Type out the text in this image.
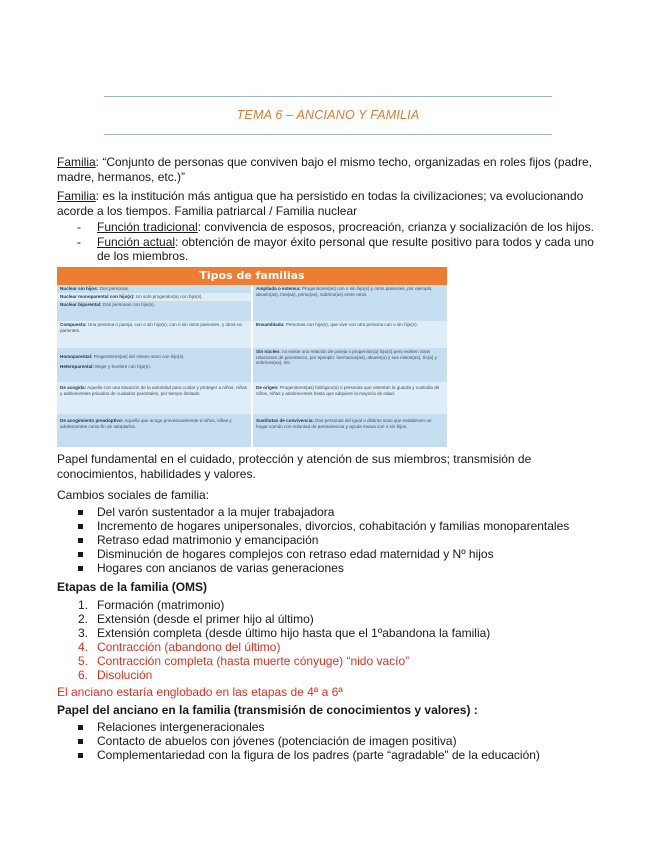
TEMA 6 – ANCIANO Y FAMILIA
Familia: “Conjunto de personas que conviven bajo el mismo techo, organizadas en roles fijos (padre,
madre, hermanos, etc.)”
Familia: es la institución más antigua que ha persistido en todas la civilizaciones; va evolucionando
acorde a los tiempos. Familia patriarcal / Familia nuclear
- Función tradicional: convivencia de esposos, procreación, crianza y socialización de los hijos.
- Función actual: obtención de mayor éxito personal que resulte positivo para todos y cada uno
de los miembros.
Tipos de familias
Nuclear sin hijos: Dos personas.
Nuclear monoparental con hijo(s): Un solo progenitor(a) con hijo(s).
Nuclear biparental: Dos personas con hijo(s).
Compuesta: Una persona o pareja, con o sin hijo(s), con o sin otros parientes, y otros no parientes.
Homoparental: Progenitores(as) del mismo sexo con hijo(s).
Heteroparental: Mujer y hombre con hijo(s).
De acogida: Aquella con una situación de la autoridad para cuidar y proteger a niños, niñas y adolescentes privados de cuidados parentales, por tiempo limitado.
De acogimiento preadoptivo: Aquella que acoge provisionalmente a niños, niñas y adolescentes como fin de adoptarlos.
Ampliada o extensa: Progenitores(as) con o sin hijo(s) y otros parientes, por ejemplo, abuelo(as), tíos(as), primo(as), sobrino(as) entre otros.
Ensamblada: Personas con hijo(s), que vive con otra persona con o sin hijo(s).
Sin núcleo: no existe una relación de pareja o progenitor(a) hijo(s) pero existen otras relaciones de parentesco, por ejemplo: hermanos(as), abuelo(a) y sus nietos(as), tío(a) y sobrinos(as), etc.
De origen: Progenitores(as) biológico(s) o personas que ostentan la guarda y custodia de niños, niñas y adolescentes hasta que adquiere la mayoría de edad.
Sustitutas de convivencia: Dos personas del igual o distinto sexo que establecen un hogar común con voluntad de permanencia y ayuda mutua con o sin hijos.
Papel fundamental en el cuidado, protección y atención de sus miembros; transmisión de
conocimientos, habilidades y valores.
Cambios sociales de familia:
Del varón sustentador a la mujer trabajadora
Incremento de hogares unipersonales, divorcios, cohabitación y familias monoparentales
Retraso edad matrimonio y emancipación
Disminución de hogares complejos con retraso edad maternidad y Nº hijos
Hogares con ancianos de varias generaciones
Etapas de la familia (OMS)
1. Formación (matrimonio)
2. Extensión (desde el primer hijo al último)
3. Extensión completa (desde último hijo hasta que el 1ºabandona la familia)
4. Contracción (abandono del último)
5. Contracción completa (hasta muerte cónyuge) “nido vacío”
6. Disolución
El anciano estaría englobado en las etapas de 4ª a 6ª
Papel del anciano en la familia (transmisión de conocimientos y valores) :
Relaciones intergeneracionales
Contacto de abuelos con jóvenes (potenciación de imagen positiva)
Complementariedad con la figura de los padres (parte “agradable” de la educación)
